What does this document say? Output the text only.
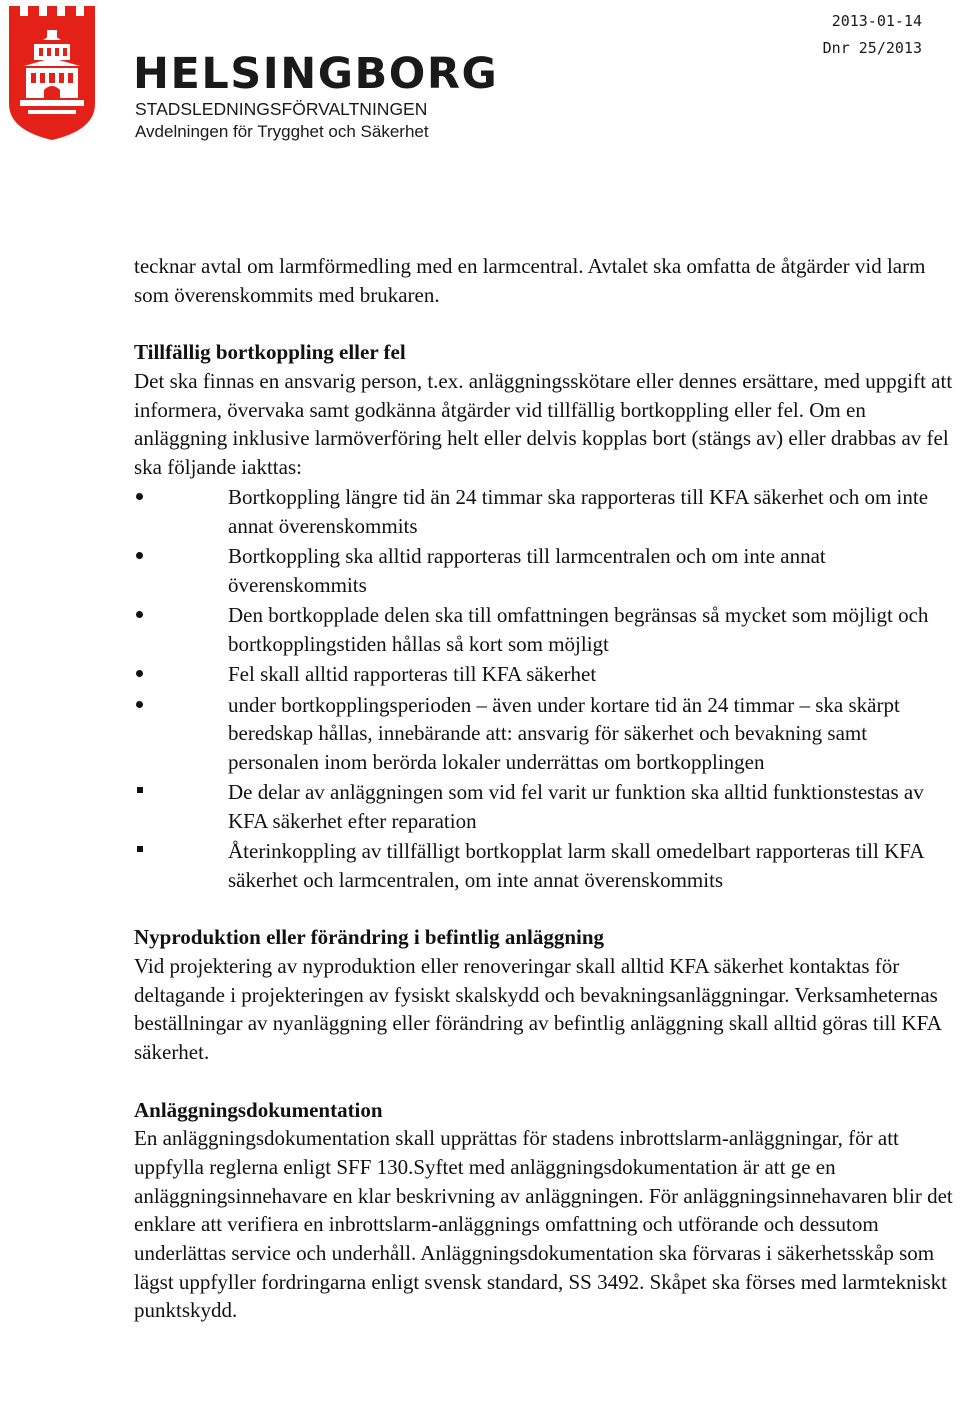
HELSINGBORG
STADSLEDNINGSFÖRVALTNINGEN
Avdelningen för Trygghet och Säkerhet
2013-01-14
Dnr 25/2013

tecknar avtal om larmförmedling med en larmcentral. Avtalet ska omfatta de åtgärder vid larm som överenskommits med brukaren.

Tillfällig bortkoppling eller fel

Det ska finnas en ansvarig person, t.ex. anläggningsskötare eller dennes ersättare, med uppgift att informera, övervaka samt godkänna åtgärder vid tillfällig bortkoppling eller fel. Om en anläggning inklusive larmöverföring helt eller delvis kopplas bort (stängs av) eller drabbas av fel ska följande iakttas:

Bortkoppling längre tid än 24 timmar ska rapporteras till KFA säkerhet och om inte annat överenskommits
Bortkoppling ska alltid rapporteras till larmcentralen och om inte annat överenskommits
Den bortkopplade delen ska till omfattningen begränsas så mycket som möjligt och bortkopplingstiden hållas så kort som möjligt
Fel skall alltid rapporteras till KFA säkerhet
under bortkopplingsperioden – även under kortare tid än 24 timmar – ska skärpt beredskap hållas, innebärande att: ansvarig för säkerhet och bevakning samt personalen inom berörda lokaler underrättas om bortkopplingen
De delar av anläggningen som vid fel varit ur funktion ska alltid funktionstestas av KFA säkerhet efter reparation
Återinkoppling av tillfälligt bortkopplat larm skall omedelbart rapporteras till KFA säkerhet och larmcentralen, om inte annat överenskommits

Nyproduktion eller förändring i befintlig anläggning

Vid projektering av nyproduktion eller renoveringar skall alltid KFA säkerhet kontaktas för deltagande i projekteringen av fysiskt skalskydd och bevakningsanläggningar. Verksamheternas beställningar av nyanläggning eller förändring av befintlig anläggning skall alltid göras till KFA säkerhet.

Anläggningsdokumentation

En anläggningsdokumentation skall upprättas för stadens inbrottslarm-anläggningar, för att uppfylla reglerna enligt SFF 130.Syftet med anläggningsdokumentation är att ge en anläggningsinnehavare en klar beskrivning av anläggningen. För anläggningsinnehavaren blir det enklare att verifiera en inbrottslarm-anläggnings omfattning och utförande och dessutom underlättas service och underhåll. Anläggningsdokumentation ska förvaras i säkerhetsskåp som lägst uppfyller fordringarna enligt svensk standard, SS 3492. Skåpet ska förses med larmtekniskt punktskydd.
